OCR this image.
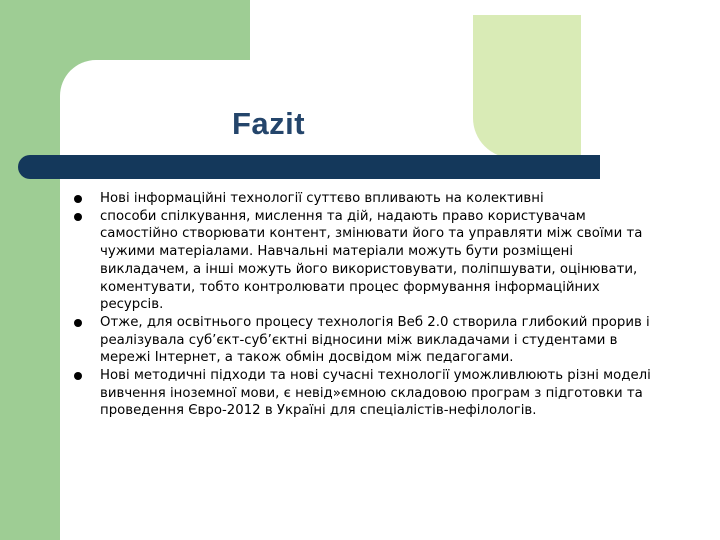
Fazit
Нові інформаційні технології суттєво впливають на колективні
способи спілкування, мислення та дій, надають право користувачам самостійно створювати контент, змінювати його та управляти між своїми та чужими матеріалами. Навчальні матеріали можуть бути розміщені викладачем, а інші можуть його використовувати, поліпшувати, оцінювати, коментувати, тобто контролювати процес формування інформаційних ресурсів.
Отже, для освітнього процесу технологія Веб 2.0 створила глибокий прорив і реалізувала суб’єкт-суб’єктні відносини між викладачами і студентами в мережі Інтернет, а також обмін досвідом між педагогами.
Нові методичні підходи та нові сучасні технології уможливлюють різні моделі вивчення іноземної мови, є невід»ємною складовою програм з підготовки та проведення Євро-2012 в Україні для спеціалістів-нефілологів.
